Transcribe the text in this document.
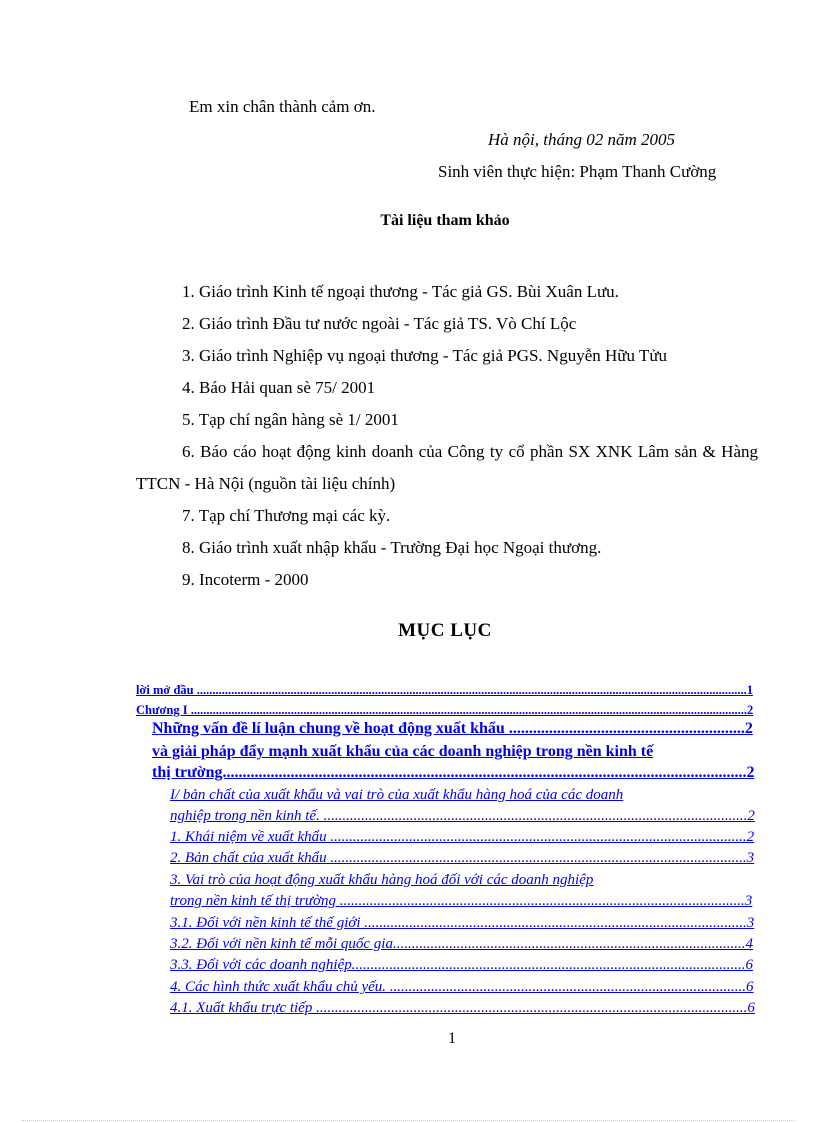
Em xin chân thành cảm ơn.
Hà nội, tháng 02 năm 2005
Sinh viên thực hiện: Phạm Thanh Cường
Tài liệu tham khảo
1. Giáo trình Kinh tế ngoại thương - Tác giả GS. Bùi Xuân Lưu.
2. Giáo trình Đầu tư nước ngoài - Tác giả TS. Vò Chí Lộc
3. Giáo trình Nghiệp vụ ngoại thương - Tác giả PGS. Nguyễn Hữu Tửu
4. Báo Hải quan sè 75/ 2001
5. Tạp chí ngân hàng sè 1/ 2001
6. Báo cáo hoạt động kinh doanh của Công ty cổ phần SX XNK Lâm sản & Hàng TTCN - Hà Nội (nguồn tài liệu chính)
7. Tạp chí Thương mại các kỳ.
8. Giáo trình xuất nhập khẩu - Trường Đại học Ngoại thương.
9. Incoterm - 2000
MỤC LỤC
lời mở đầu ................................................................................................................................................................................1
Chương I ..................................................................................................................................................................................2
Những vấn đề lí luận chung về hoạt động xuất khẩu ...........................................................2
và giải pháp đẩy mạnh xuất khẩu của các doanh nghiệp trong nền kinh tế
thị trường...................................................................................................................................2
I/ bản chất của xuất khẩu và vai trò của xuất khẩu hàng hoá của các doanh
nghiệp trong nền kinh tế. .................................................................................................................2
1. Khái niệm về xuất khẩu ...............................................................................................................2
2. Bản chất của xuất khẩu ...............................................................................................................3
3. Vai trò của hoạt động xuất khẩu hàng hoá đối với các doanh nghiệp
trong nền kinh tế thị trường ............................................................................................................3
3.1. Đối với nền kinh tế thế giới ......................................................................................................3
3.2. Đối với nền kinh tế mỗi quốc gia..............................................................................................4
3.3. Đối với các doanh nghiệp.........................................................................................................6
4. Các hình thức xuất khẩu chủ yếu. ...............................................................................................6
4.1. Xuất khẩu trực tiếp ...................................................................................................................6
1
